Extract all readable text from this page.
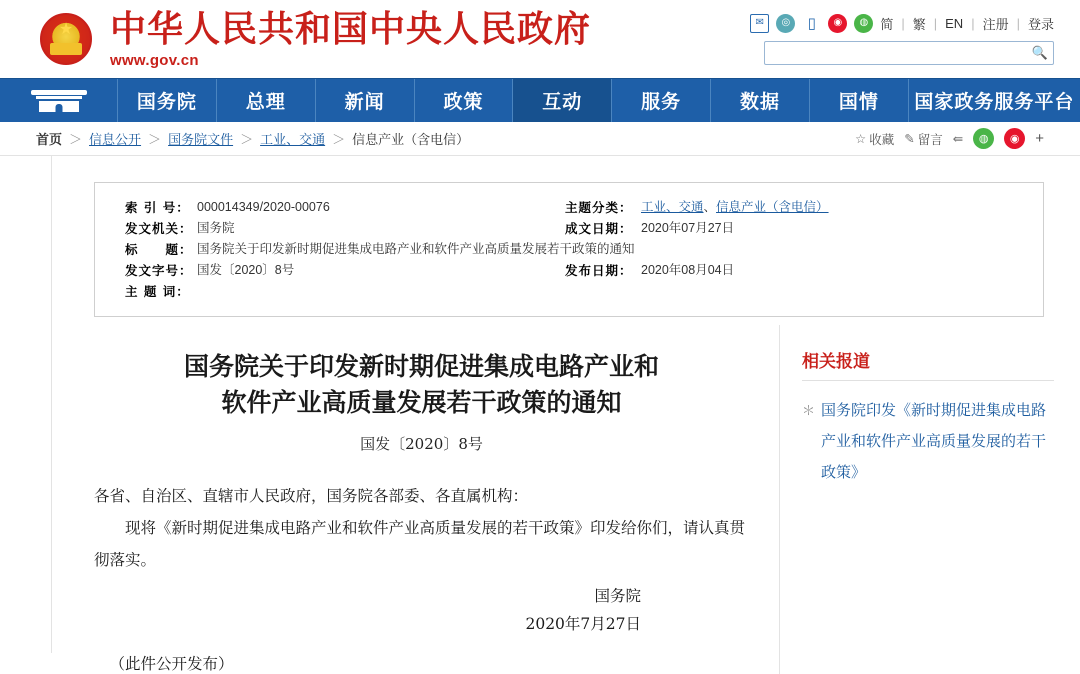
★
中华人民共和国中央人民政府
www.gov.cn
✉	◎	▯	◉	◍ 简 | 繁 | EN | 注册 | 登录
🔍
国务院	总理	新闻	政策	互动	服务	数据	国情 国家政务服务平台
首页 ＞ 信息公开 ＞ 国务院文件 ＞ 工业、交通 ＞ 信息产业（含电信）	☆ 收藏 ✎ 留言 ⇚	◍	◉	+
索 引 号： 000014349/2020-00076	主题分类： 工业、交通、信息产业（含电信）
发文机关： 国务院	成文日期： 2020年07月27日
标　　题： 国务院关于印发新时期促进集成电路产业和软件产业高质量发展若干政策的通知
发文字号： 国发〔2020〕8号	发布日期： 2020年08月04日
主 题 词：
国务院关于印发新时期促进集成电路产业和
软件产业高质量发展若干政策的通知
国发〔2020〕8号

各省、自治区、直辖市人民政府，国务院各部委、各直属机构：

现将《新时期促进集成电路产业和软件产业高质量发展的若干政策》印发给你们，请认真贯彻落实。

国务院
2020年7月27日
（此件公开发布）
相关报道
＊ 国务院印发《新时期促进集成电路产业和软件产业高质量发展的若干政策》
